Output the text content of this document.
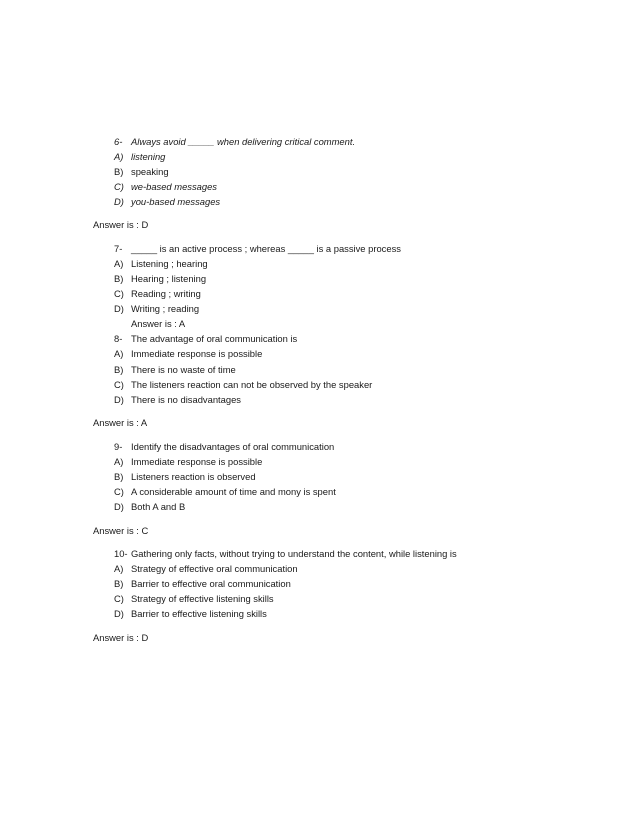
6- Always avoid _____ when delivering critical comment.
A) listening
B) speaking
C) we-based messages
D) you-based messages
Answer is : D
7- _____ is an active process ; whereas _____ is a passive process
A) Listening ; hearing
B) Hearing ; listening
C) Reading ; writing
D) Writing ; reading
Answer is : A
8- The advantage of oral communication is
A) Immediate response is possible
B) There is no waste of time
C) The listeners reaction can not be observed by the speaker
D) There is no disadvantages
Answer is : A
9- Identify the disadvantages of oral communication
A) Immediate response is possible
B) Listeners reaction is observed
C) A considerable amount of time and mony is spent
D) Both A and B
Answer is : C
10- Gathering only facts, without trying to understand the content, while listening is
A) Strategy of effective oral communication
B) Barrier to effective oral communication
C) Strategy of effective listening skills
D) Barrier to effective listening skills
Answer is : D
